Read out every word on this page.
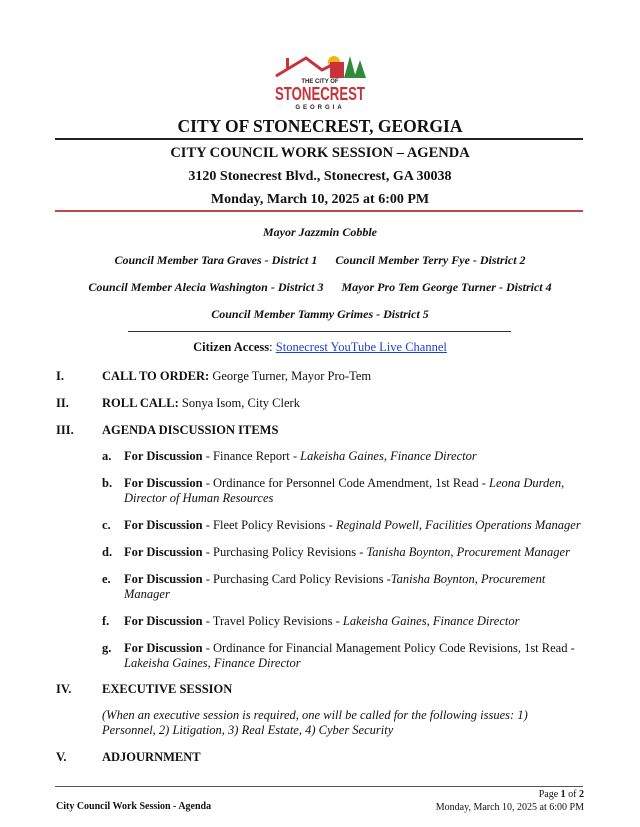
THE CITY OF
STONECREST
GEORGIA
CITY OF STONECREST, GEORGIA
CITY COUNCIL WORK SESSION – AGENDA
3120 Stonecrest Blvd., Stonecrest, GA 30038
Monday, March 10, 2025 at 6:00 PM
Mayor Jazzmin Cobble
Council Member Tara Graves - District 1 Council Member Terry Fye - District 2
Council Member Alecia Washington - District 3 Mayor Pro Tem George Turner - District 4
Council Member Tammy Grimes - District 5
Citizen Access: Stonecrest YouTube Live Channel
I.	CALL TO ORDER: George Turner, Mayor Pro-Tem
II.	ROLL CALL: Sonya Isom, City Clerk
III. AGENDA DISCUSSION ITEMS
a. For Discussion - Finance Report - Lakeisha Gaines, Finance Director
b. For Discussion - Ordinance for Personnel Code Amendment, 1st Read - Leona Durden, Director of Human Resources
c. For Discussion - Fleet Policy Revisions - Reginald Powell, Facilities Operations Manager
d. For Discussion - Purchasing Policy Revisions - Tanisha Boynton, Procurement Manager
e. For Discussion - Purchasing Card Policy Revisions -Tanisha Boynton, Procurement Manager
f. For Discussion - Travel Policy Revisions - Lakeisha Gaines, Finance Director
g. For Discussion - Ordinance for Financial Management Policy Code Revisions, 1st Read - Lakeisha Gaines, Finance Director
IV. EXECUTIVE SESSION
(When an executive session is required, one will be called for the following issues: 1) Personnel, 2) Litigation, 3) Real Estate, 4) Cyber Security
V.	ADJOURNMENT
City Council Work Session - Agenda
Page 1 of 2
Monday, March 10, 2025 at 6:00 PM
